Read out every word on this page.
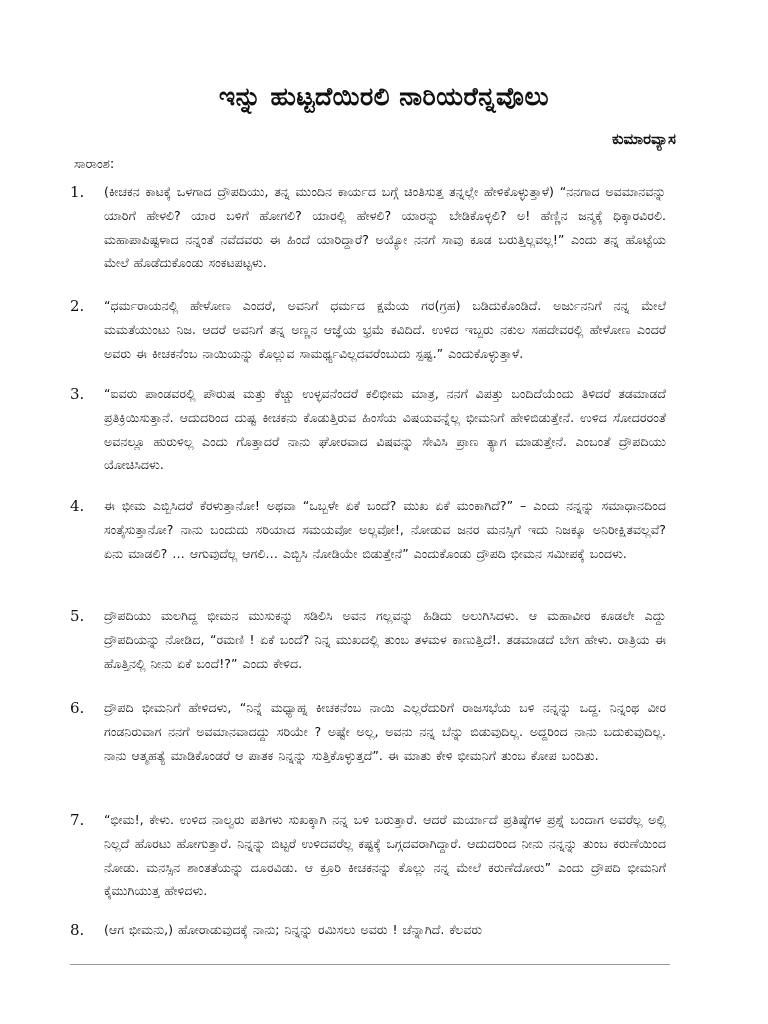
ಇನ್ನು ಹುಟ್ಟದೆಯಿರಲಿ ನಾರಿಯರೆನ್ನವೊಲು
ಕುಮಾರವ್ಯಾಸ
ಸಾರಾಂಶ:
1. (ಕೀಚಕನ ಕಾಟಕ್ಕೆ ಒಳಗಾದ ದ್ರೌಪದಿಯು, ತನ್ನ ಮುಂದಿನ ಕಾರ್ಯದ ಬಗ್ಗೆ ಚಿಂತಿಸುತ್ತ ತನ್ನಲ್ಲೇ ಹೇಳಿಕೊಳ್ಳುತ್ತಾಳೆ) “ನನಗಾದ ಅವಮಾನವನ್ನು ಯಾರಿಗೆ ಹೇಳಲಿ? ಯಾರ ಬಳಿಗೆ ಹೋಗಲಿ? ಯಾರಲ್ಲಿ ಹೇಳಲಿ? ಯಾರನ್ನು ಬೇಡಿಕೊಳ್ಳಲಿ? ಅ! ಹೆಣ್ಣಿನ ಜನ್ಮಕ್ಕೆ ಧಿಕ್ಕಾರವಿರಲಿ. ಮಹಾಪಾಪಿಷ್ಟಳಾದ ನನ್ನಂತೆ ನವೆದವರು ಈ ಹಿಂದೆ ಯಾರಿದ್ದಾರೆ? ಅಯ್ಯೋ ನನಗೆ ಸಾವು ಕೂಡ ಬರುತ್ತಿಲ್ಲವಲ್ಲ!” ಎಂದು ತನ್ನ ಹೊಟ್ಟೆಯ ಮೇಲೆ ಹೊಡೆದುಕೊಂಡು ಸಂಕಟಪಟ್ಟಳು.
2. “ಧರ್ಮರಾಯನಲ್ಲಿ ಹೇಳೋಣ ಎಂದರೆ, ಅವನಿಗೆ ಧರ್ಮದ ಕ್ಷಮೆಯ ಗರ(ಗ್ರಹ) ಬಡಿದುಕೊಂಡಿದೆ. ಅರ್ಜುನನಿಗೆ ನನ್ನ ಮೇಲೆ ಮಮತೆಯುಂಟು ನಿಜ. ಆದರೆ ಅವನಿಗೆ ತನ್ನ ಅಣ್ಣನ ಆಜ್ಞೆಯ ಭ್ರಮೆ ಕವಿದಿದೆ. ಉಳಿದ ಇಬ್ಬರು ನಕುಲ ಸಹದೇವರಲ್ಲಿ ಹೇಳೋಣ ಎಂದರೆ ಅವರು ಈ ಕೀಚಕನೆಂಬ ನಾಯಿಯನ್ನು ಕೊಲ್ಲುವ ಸಾಮರ್ಥ್ಯವಿಲ್ಲದವರೆಂಬುದು ಸ್ಪಷ್ಟ.” ಎಂದುಕೊಳ್ಳುತ್ತಾಳೆ.
3. “ಐವರು ಪಾಂಡವರಲ್ಲಿ ಪೌರುಷ ಮತ್ತು ಕೆಚ್ಚು ಉಳ್ಳವನೆಂದರೆ ಕಲಿಭೀಮ ಮಾತ್ರ, ನನಗೆ ವಿಪತ್ತು ಬಂದಿದೆಯೆಂದು ತಿಳಿದರೆ ತಡಮಾಡದೆ ಪ್ರತಿಕ್ರಿಯಿಸುತ್ತಾನೆ. ಆದುದರಿಂದ ದುಷ್ಟ ಕೀಚಕನು ಕೊಡುತ್ತಿರುವ ಹಿಂಸೆಯ ವಿಷಯವನ್ನೆಲ್ಲ ಭೀಮನಿಗೆ ಹೇಳಿಬಿಡುತ್ತೇನೆ. ಉಳಿದ ಸೋದರರಂತೆ ಅವನಲ್ಲೂ ಹುರುಳಿಲ್ಲ ಎಂದು ಗೊತ್ತಾದರೆ ನಾನು ಘೋರವಾದ ವಿಷವನ್ನು ಸೇವಿಸಿ ಪ್ರಾಣ ತ್ಯಾಗ ಮಾಡುತ್ತೇನೆ. ಎಂಬಂತೆ ದ್ರೌಪದಿಯು ಯೋಚಿಸಿದಳು.
4. ಈ ಭೀಮ ಎಬ್ಬಿಸಿದರೆ ಕೆರಳುತ್ತಾನೋ! ಅಥವಾ “ಒಬ್ಬಳೇ ಏಕೆ ಬಂದೆ? ಮುಖ ಏಕೆ ಮಂಕಾಗಿದೆ?” – ಎಂದು ನನ್ನನ್ನು ಸಮಾಧಾನದಿಂದ ಸಂತೈಸುತ್ತಾನೋ? ನಾನು ಬಂದುದು ಸರಿಯಾದ ಸಮಯವೋ ಅಲ್ಲವೋ!, ನೋಡುವ ಜನರ ಮನಸ್ಸಿಗೆ ಇದು ನಿಜಕ್ಕೂ ಅನಿರೀಕ್ಷಿತವಲ್ಲವೆ? ಏನು ಮಾಡಲಿ? … ಆಗುವುದೆಲ್ಲ ಆಗಲಿ… ಎಬ್ಬಿಸಿ ನೋಡಿಯೇ ಬಿಡುತ್ತೇನೆ” ಎಂದುಕೊಂಡು ದ್ರೌಪದಿ ಭೀಮನ ಸಮೀಪಕ್ಕೆ ಬಂದಳು.
5. ದ್ರೌಪದಿಯು ಮಲಗಿದ್ದ ಭೀಮನ ಮುಸುಕನ್ನು ಸಡಿಲಿಸಿ ಅವನ ಗಲ್ಲವನ್ನು ಹಿಡಿದು ಅಲುಗಿಸಿದಳು. ಆ ಮಹಾವೀರ ಕೂಡಲೇ ಎದ್ದು ದ್ರೌಪದಿಯನ್ನು ನೋಡಿದ, “ರಮಣಿ ! ಏಕೆ ಬಂದೆ? ನಿನ್ನ ಮುಖದಲ್ಲಿ ತುಂಬ ತಳಮಳ ಕಾಣುತ್ತಿದೆ!. ತಡಮಾಡದೆ ಬೇಗ ಹೇಳು. ರಾತ್ರಿಯ ಈ ಹೊತ್ತಿನಲ್ಲಿ ನೀನು ಏಕೆ ಬಂದೆ!?” ಎಂದು ಕೇಳಿದ.
6. ದ್ರೌಪದಿ ಭೀಮನಿಗೆ ಹೇಳಿದಳು, “ನಿನ್ನೆ ಮಧ್ಯಾಹ್ನ ಕೀಚಕನೆಂಬ ನಾಯಿ ಎಲ್ಲರೆದುರಿಗೆ ರಾಜಸಭೆಯ ಬಳಿ ನನ್ನನ್ನು ಒದ್ದ. ನಿನ್ನಂಥ ವೀರ ಗಂಡನಿರುವಾಗ ನನಗೆ ಅವಮಾನವಾದದ್ದು ಸರಿಯೇ ? ಅಷ್ಟೇ ಅಲ್ಲ, ಅವನು ನನ್ನ ಬೆನ್ನು ಬಿಡುವುದಿಲ್ಲ. ಅದ್ದರಿಂದ ನಾನು ಬದುಕುವುದಿಲ್ಲ. ನಾನು ಆತ್ಮಹತ್ಯೆ ಮಾಡಿಕೊಂಡರೆ ಆ ಪಾತಕ ನಿನ್ನನ್ನು ಸುತ್ತಿಕೊಳ್ಳುತ್ತದೆ”. ಈ ಮಾತು ಕೇಳಿ ಭೀಮನಿಗೆ ತುಂಬ ಕೋಪ ಬಂದಿತು.
7. “ಭೀಮ!, ಕೇಳು. ಉಳಿದ ನಾಲ್ವರು ಪತಿಗಳು ಸುಖಕ್ಕಾಗಿ ನನ್ನ ಬಳಿ ಬರುತ್ತಾರೆ. ಆದರೆ ಮರ್ಯಾದೆ ಪ್ರತಿಷ್ಠೆಗಳ ಪ್ರಶ್ನೆ ಬಂದಾಗ ಅವರೆಲ್ಲ ಅಲ್ಲಿ ನಿಲ್ಲದೆ ಹೊರಟು ಹೋಗುತ್ತಾರೆ. ನಿನ್ನನ್ನು ಬಿಟ್ಟರೆ ಉಳಿದವರೆಲ್ಲ ಕಷ್ಟಕ್ಕೆ ಒಗ್ಗದವರಾಗಿದ್ದಾರೆ. ಆದುದರಿಂದ ನೀನು ನನ್ನನ್ನು ತುಂಬ ಕರುಣೆಯಿಂದ ನೋಡು. ಮನಸ್ಸಿನ ಶಾಂತತೆಯನ್ನು ದೂರವಿಡು. ಆ ಕ್ರೂರಿ ಕೀಚಕನನ್ನು ಕೊಲ್ಲು ನನ್ನ ಮೇಲೆ ಕರುಣೆದೋರು” ಎಂದು ದ್ರೌಪದಿ ಭೀಮನಿಗೆ ಕೈಮುಗಿಯುತ್ತ ಹೇಳಿದಳು.
8. (ಆಗ ಭೀಮನು,) ಹೋರಾಡುವುದಕ್ಕೆ ನಾನು; ನಿನ್ನನ್ನು ರಮಿಸಲು ಅವರು ! ಚೆನ್ನಾಗಿದೆ. ಕೆಲವರು
